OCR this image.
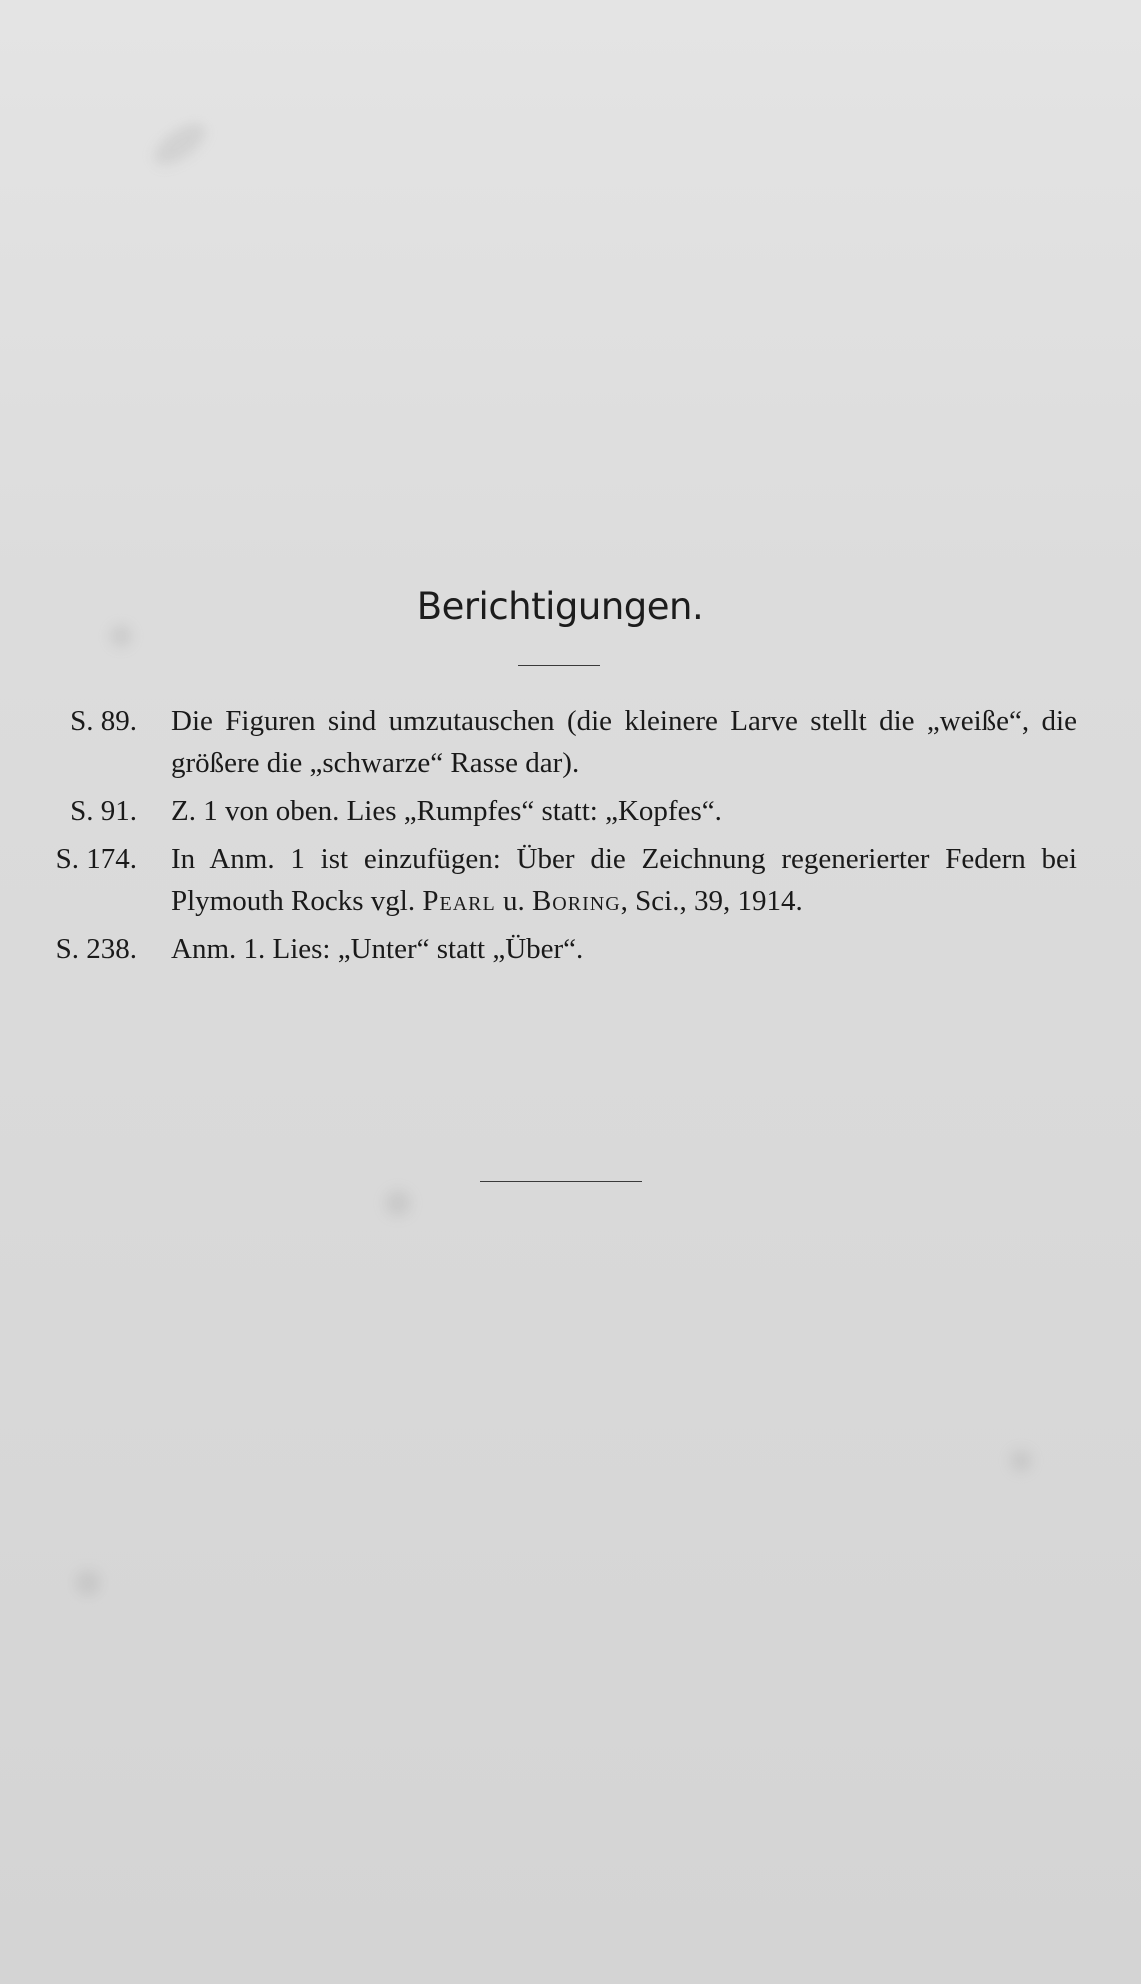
Berichtigungen.
S. 89. Die Figuren sind umzutauschen (die kleinere Larve stellt die „weiße“, die größere die „schwarze“ Rasse dar).
S. 91. Z. 1 von oben. Lies „Rumpfes“ statt: „Kopfes“.
S. 174. In Anm. 1 ist einzufügen: Über die Zeichnung regenerierter Federn bei Plymouth Rocks vgl. Pearl u. Boring, Sci., 39, 1914.
S. 238. Anm. 1. Lies: „Unter“ statt „Über“.
